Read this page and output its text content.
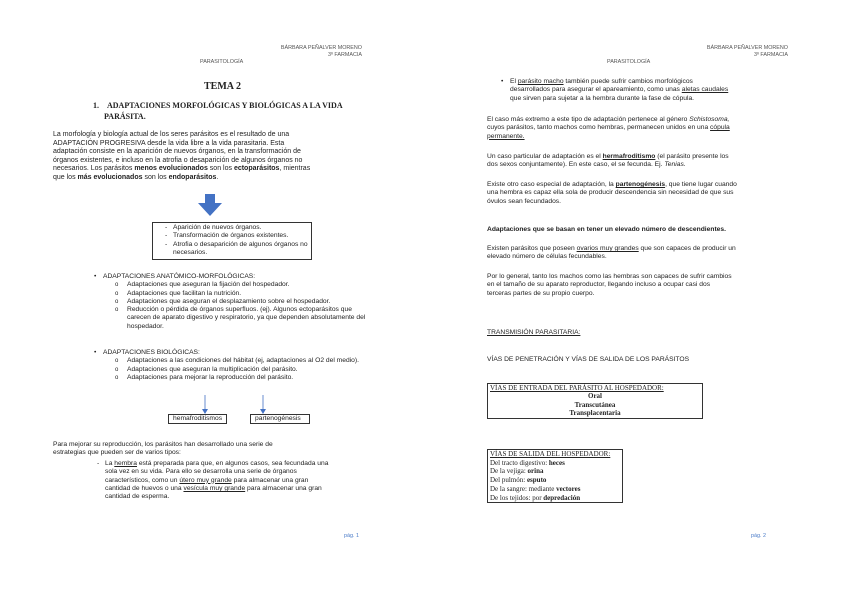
BÁRBARA PEÑALVER MORENO
3º FARMACIA
PARASITOLOGÍA
TEMA 2
1. ADAPTACIONES MORFOLÓGICAS Y BIOLÓGICAS A LA VIDA
PARÁSITA.
La morfología y biología actual de los seres parásitos es el resultado de una
ADAPTACIÓN PROGRESIVA desde la vida libre a la vida parasitaria. Esta
adaptación consiste en la aparición de nuevos órganos, en la transformación de
órganos existentes, e incluso en la atrofia o desaparición de algunos órganos no
necesarios. Los parásitos menos evolucionados son los ectoparásitos, mientras
que los más evolucionados son los endoparásitos.
- Aparición de nuevos órganos.
- Transformación de órganos existentes.
- Atrofia o desaparición de algunos órganos no necesarios.
• ADAPTACIONES ANATÓMICO-MORFOLÓGICAS:
o Adaptaciones que aseguran la fijación del hospedador.
o Adaptaciones que facilitan la nutrición.
o Adaptaciones que aseguran el desplazamiento sobre el hospedador.
o Reducción o pérdida de órganos superfluos. (ej). Algunos ectoparásitos que carecen de aparato digestivo y respiratorio, ya que dependen absolutamente del hospedador.
• ADAPTACIONES BIOLÓGICAS:
o Adaptaciones a las condiciones del hábitat (ej, adaptaciones al O2 del medio).
o Adaptaciones que aseguran la multiplicación del parásito.
o Adaptaciones para mejorar la reproducción del parásito.
hemafroditismos	partenogénesis
Para mejorar su reproducción, los parásitos han desarrollado una serie de
estrategias que pueden ser de varios tipos:
- La hembra está preparada para que, en algunos casos, sea fecundada una
sola vez en su vida. Para ello se desarrolla una serie de órganos
característicos, como un útero muy grande para almacenar una gran
cantidad de huevos o una vesícula muy grande para almacenar una gran
cantidad de esperma.
pág. 1
BÁRBARA PEÑALVER MORENO
3º FARMACIA
PARASITOLOGÍA
• El parásito macho también puede sufrir cambios morfológicos
desarrollados para asegurar el apareamiento, como unas aletas caudales
que sirven para sujetar a la hembra durante la fase de cópula.
El caso más extremo a este tipo de adaptación pertenece al género Schistosoma,
cuyos parásitos, tanto machos como hembras, permanecen unidos en una cópula
permanente.
Un caso particular de adaptación es el hermafroditismo (el parásito presente los
dos sexos conjuntamente). En este caso, el se fecunda. Ej. Tenias.
Existe otro caso especial de adaptación, la partenogénesis, que tiene lugar cuando
una hembra es capaz ella sola de producir descendencia sin necesidad de que sus
óvulos sean fecundados.
Adaptaciones que se basan en tener un elevado número de descendientes.
Existen parásitos que poseen ovarios muy grandes que son capaces de producir un
elevado número de células fecundables.
Por lo general, tanto los machos como las hembras son capaces de sufrir cambios
en el tamaño de su aparato reproductor, llegando incluso a ocupar casi dos
terceras partes de su propio cuerpo.
TRANSMISIÓN PARASITARIA:
VÍAS DE PENETRACIÓN Y VÍAS DE SALIDA DE LOS PARÁSITOS
VÍAS DE ENTRADA DEL PARÁSITO AL HOSPEDADOR:
Oral
Transcutánea
Transplacentaria
VÍAS DE SALIDA DEL HOSPEDADOR:
Del tracto digestivo: heces
De la vejiga: orina
Del pulmón: esputo
De la sangre: mediante vectores
De los tejidos: por depredación
pág. 2
